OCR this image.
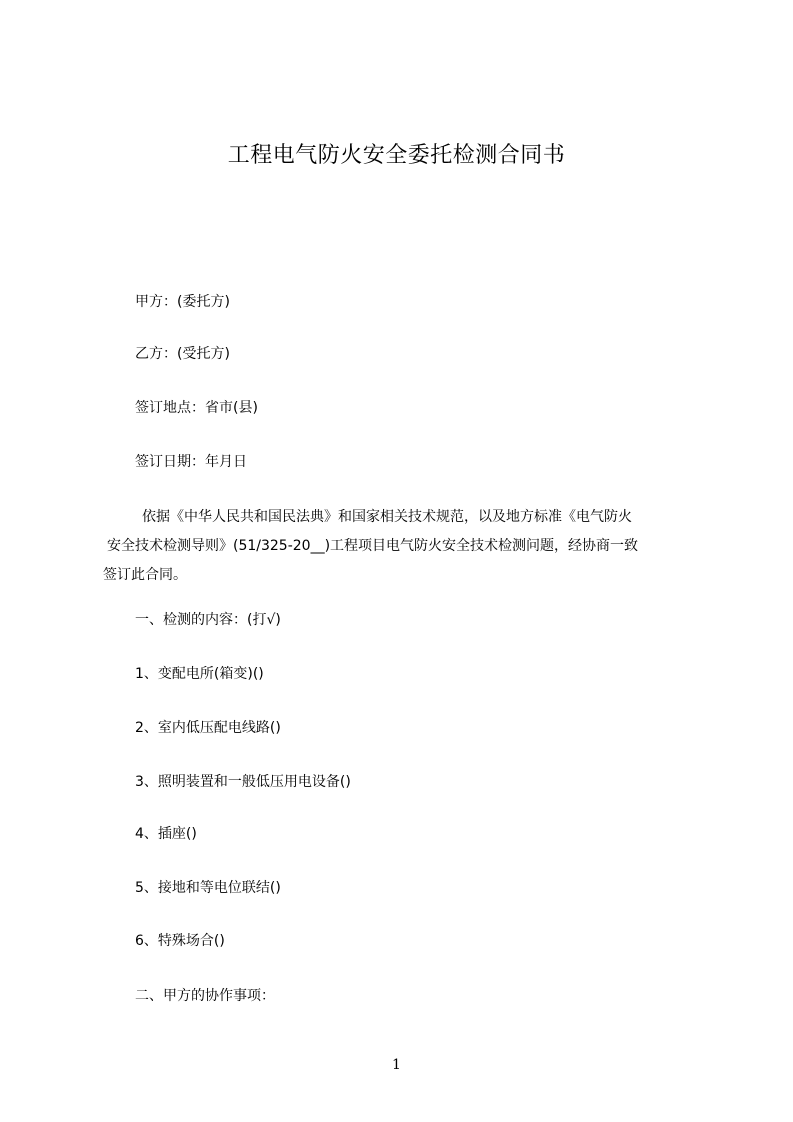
工程电气防火安全委托检测合同书
甲方：(委托方)
乙方：(受托方)
签订地点：省市(县)
签订日期：年月日
依据《中华人民共和国民法典》和国家相关技术规范，以及地方标准《电气防火
安全技术检测导则》(51/325-20__)工程项目电气防火安全技术检测问题，经协商一致
签订此合同。
一、检测的内容：(打√)
1、变配电所(箱变)()
2、室内低压配电线路()
3、照明装置和一般低压用电设备()
4、插座()
5、接地和等电位联结()
6、特殊场合()
二、甲方的协作事项：
1
